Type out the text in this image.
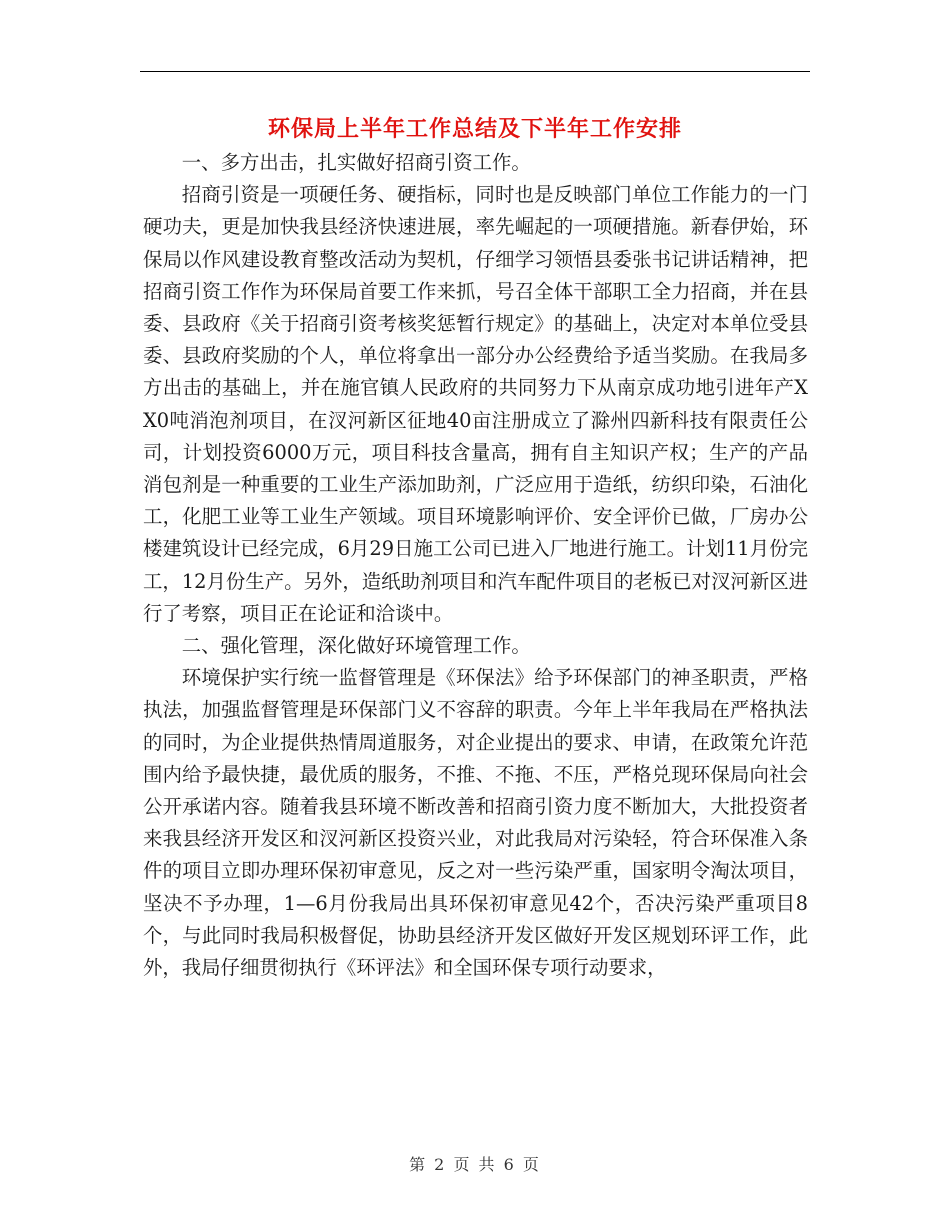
环保局上半年工作总结及下半年工作安排

一、多方出击，扎实做好招商引资工作。

招商引资是一项硬任务、硬指标，同时也是反映部门单位工作能力的一门硬功夫，更是加快我县经济快速进展，率先崛起的一项硬措施。新春伊始，环保局以作风建设教育整改活动为契机，仔细学习领悟县委张书记讲话精神，把招商引资工作作为环保局首要工作来抓，号召全体干部职工全力招商，并在县委、县政府《关于招商引资考核奖惩暂行规定》的基础上，决定对本单位受县委、县政府奖励的个人，单位将拿出一部分办公经费给予适当奖励。在我局多方出击的基础上，并在施官镇人民政府的共同努力下从南京成功地引进年产XX0吨消泡剂项目，在汊河新区征地40亩注册成立了滁州四新科技有限责任公司，计划投资6000万元，项目科技含量高，拥有自主知识产权；生产的产品消包剂是一种重要的工业生产添加助剂，广泛应用于造纸，纺织印染，石油化工，化肥工业等工业生产领域。项目环境影响评价、安全评价已做，厂房办公楼建筑设计已经完成，6月29日施工公司已进入厂地进行施工。计划11月份完工，12月份生产。另外，造纸助剂项目和汽车配件项目的老板已对汊河新区进行了考察，项目正在论证和洽谈中。

二、强化管理，深化做好环境管理工作。

环境保护实行统一监督管理是《环保法》给予环保部门的神圣职责，严格执法，加强监督管理是环保部门义不容辞的职责。今年上半年我局在严格执法的同时，为企业提供热情周道服务，对企业提出的要求、申请，在政策允许范围内给予最快捷，最优质的服务，不推、不拖、不压，严格兑现环保局向社会公开承诺内容。随着我县环境不断改善和招商引资力度不断加大，大批投资者来我县经济开发区和汊河新区投资兴业，对此我局对污染轻，符合环保准入条件的项目立即办理环保初审意见，反之对一些污染严重，国家明令淘汰项目，坚决不予办理，1—6月份我局出具环保初审意见42个，否决污染严重项目8个，与此同时我局积极督促，协助县经济开发区做好开发区规划环评工作，此外，我局仔细贯彻执行《环评法》和全国环保专项行动要求，

第 2 页 共 6 页
